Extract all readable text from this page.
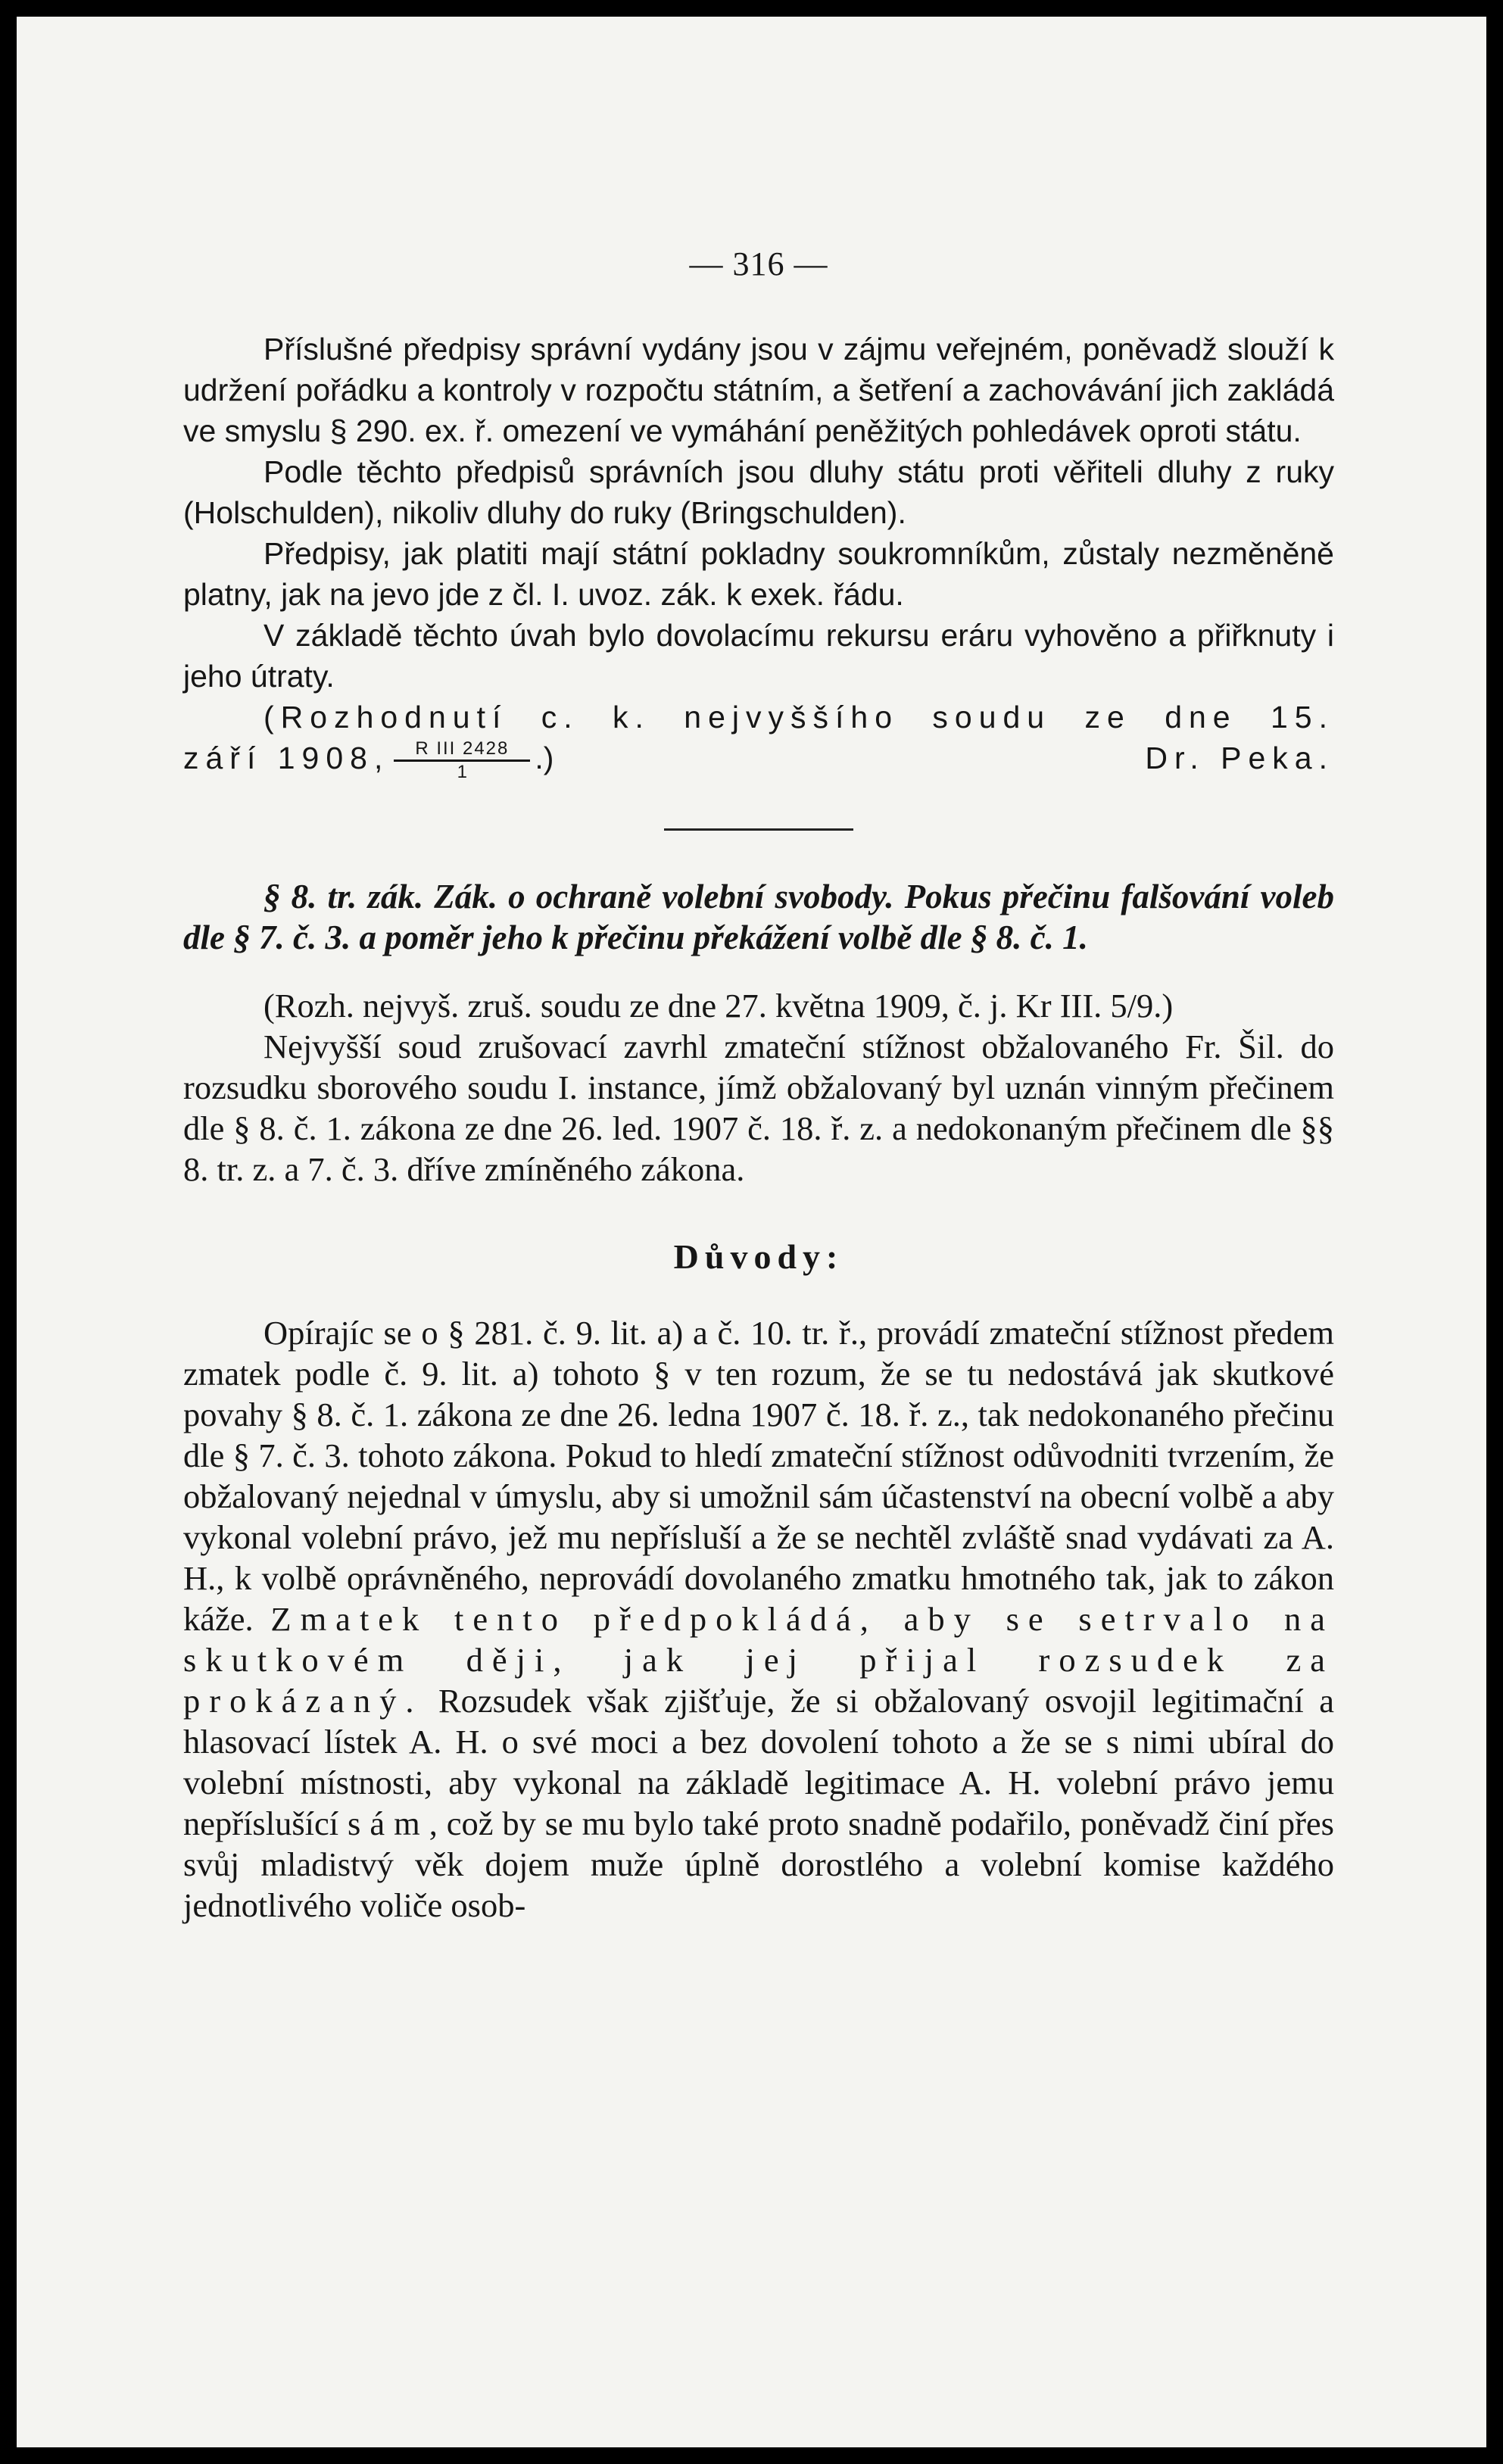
— 316 —

Příslušné předpisy správní vydány jsou v zájmu veřejném, poněvadž slouží k udržení pořádku a kontroly v rozpočtu státním, a šetření a zachovávání jich zakládá ve smyslu § 290. ex. ř. omezení ve vymáhání peněžitých pohledávek oproti státu.

Podle těchto předpisů správních jsou dluhy státu proti věřiteli dluhy z ruky (Holschulden), nikoliv dluhy do ruky (Bringschulden).

Předpisy, jak platiti mají státní pokladny soukromníkům, zůstaly nezměněně platny, jak na jevo jde z čl. I. uvoz. zák. k exek. řádu.

V základě těchto úvah bylo dovolacímu rekursu eráru vyhověno a přiřknuty i jeho útraty.

(Rozhodnutí c. k. nejvyššího soudu ze dne 15.
září 1908, $\frac{\text{R III 2428}}{1}$ .)	Dr. Peka.

§ 8. tr. zák. Zák. o ochraně volební svobody. Pokus přečinu falšování voleb dle § 7. č. 3. a poměr jeho k přečinu překážení volbě dle § 8. č. 1.

(Rozh. nejvyš. zruš. soudu ze dne 27. května 1909, č. j. Kr III. 5/9.)

Nejvyšší soud zrušovací zavrhl zmateční stížnost obžalovaného Fr. Šil. do rozsudku sborového soudu I. instance, jímž obžalovaný byl uznán vinným přečinem dle § 8. č. 1. zákona ze dne 26. led. 1907 č. 18. ř. z. a nedokonaným přečinem dle §§ 8. tr. z. a 7. č. 3. dříve zmíněného zákona.

Důvody:

Opírajíc se o § 281. č. 9. lit. a) a č. 10. tr. ř., provádí zmateční stížnost předem zmatek podle č. 9. lit. a) tohoto § v ten rozum, že se tu nedostává jak skutkové povahy § 8. č. 1. zákona ze dne 26. ledna 1907 č. 18. ř. z., tak nedokonaného přečinu dle § 7. č. 3. tohoto zákona. Pokud to hledí zmateční stížnost odůvodniti tvrzením, že obžalovaný nejednal v úmyslu, aby si umožnil sám účastenství na obecní volbě a aby vykonal volební právo, jež mu nepřísluší a že se nechtěl zvláště snad vydávati za A. H., k volbě oprávněného, neprovádí dovolaného zmatku hmotného tak, jak to zákon káže. Zmatek tento předpokládá, aby se setrvalo na skutkovém ději, jak jej přijal rozsudek za prokázaný. Rozsudek však zjišťuje, že si obžalovaný osvojil legitimační a hlasovací lístek A. H. o své moci a bez dovolení tohoto a že se s nimi ubíral do volební místnosti, aby vykonal na základě legitimace A. H. volební právo jemu nepříslušící sám, což by se mu bylo také proto snadně podařilo, poněvadž činí přes svůj mladistvý věk dojem muže úplně dorostlého a volební komise každého jednotlivého voliče osob-
